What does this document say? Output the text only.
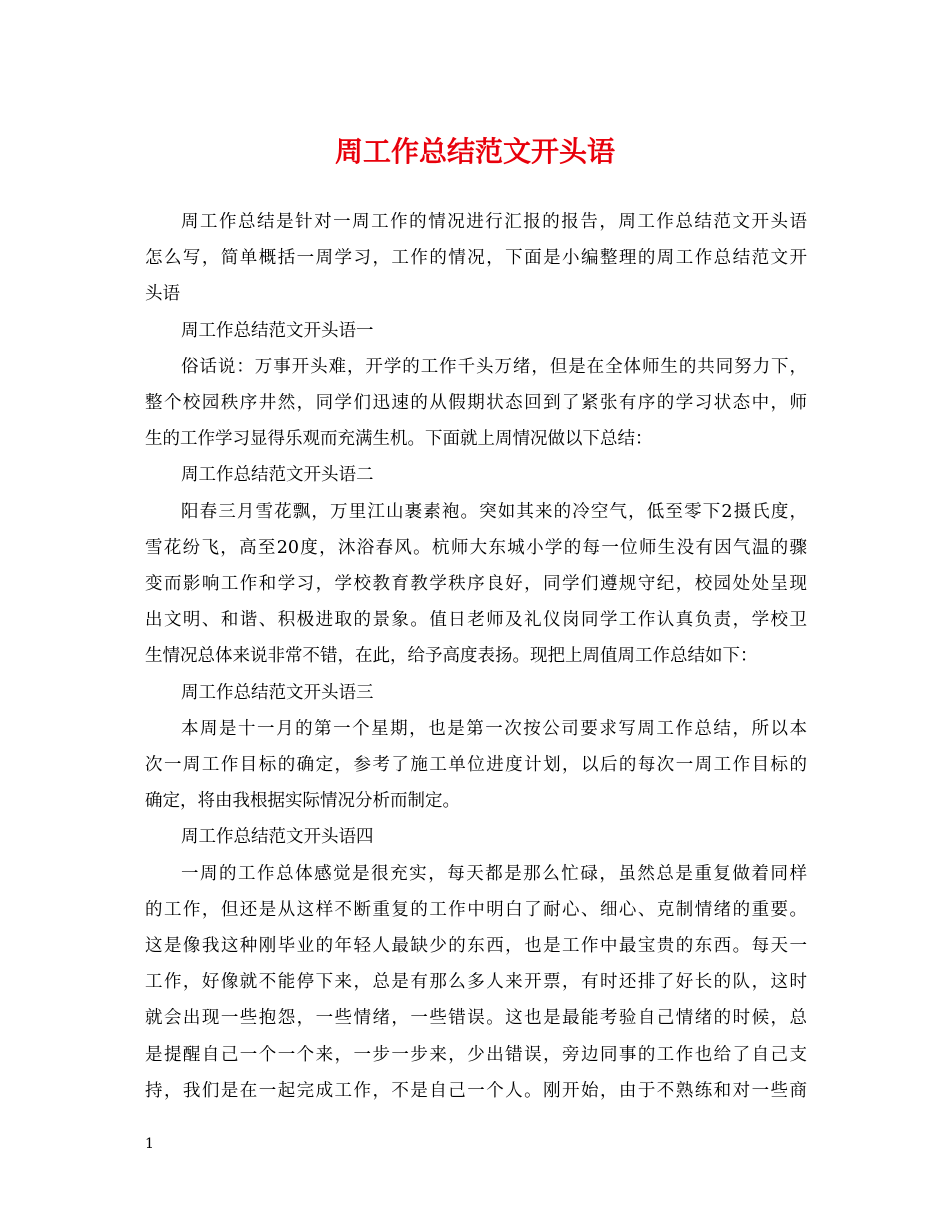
周工作总结范文开头语
周工作总结是针对一周工作的情况进行汇报的报告，周工作总结范文开头语
怎么写，简单概括一周学习，工作的情况，下面是小编整理的周工作总结范文开
头语
周工作总结范文开头语一
俗话说：万事开头难，开学的工作千头万绪，但是在全体师生的共同努力下，
整个校园秩序井然，同学们迅速的从假期状态回到了紧张有序的学习状态中，师
生的工作学习显得乐观而充满生机。下面就上周情况做以下总结：
周工作总结范文开头语二
阳春三月雪花飘，万里江山裹素袍。突如其来的冷空气，低至零下2摄氏度，
雪花纷飞，高至20度，沐浴春风。杭师大东城小学的每一位师生没有因气温的骤
变而影响工作和学习，学校教育教学秩序良好，同学们遵规守纪，校园处处呈现
出文明、和谐、积极进取的景象。值日老师及礼仪岗同学工作认真负责，学校卫
生情况总体来说非常不错，在此，给予高度表扬。现把上周值周工作总结如下：
周工作总结范文开头语三
本周是十一月的第一个星期，也是第一次按公司要求写周工作总结，所以本
次一周工作目标的确定，参考了施工单位进度计划，以后的每次一周工作目标的
确定，将由我根据实际情况分析而制定。
周工作总结范文开头语四
一周的工作总体感觉是很充实，每天都是那么忙碌，虽然总是重复做着同样
的工作，但还是从这样不断重复的工作中明白了耐心、细心、克制情绪的重要。
这是像我这种刚毕业的年轻人最缺少的东西，也是工作中最宝贵的东西。每天一
工作，好像就不能停下来，总是有那么多人来开票，有时还排了好长的队，这时
就会出现一些抱怨，一些情绪，一些错误。这也是最能考验自己情绪的时候，总
是提醒自己一个一个来，一步一步来，少出错误，旁边同事的工作也给了自己支
持，我们是在一起完成工作，不是自己一个人。刚开始，由于不熟练和对一些商
1
